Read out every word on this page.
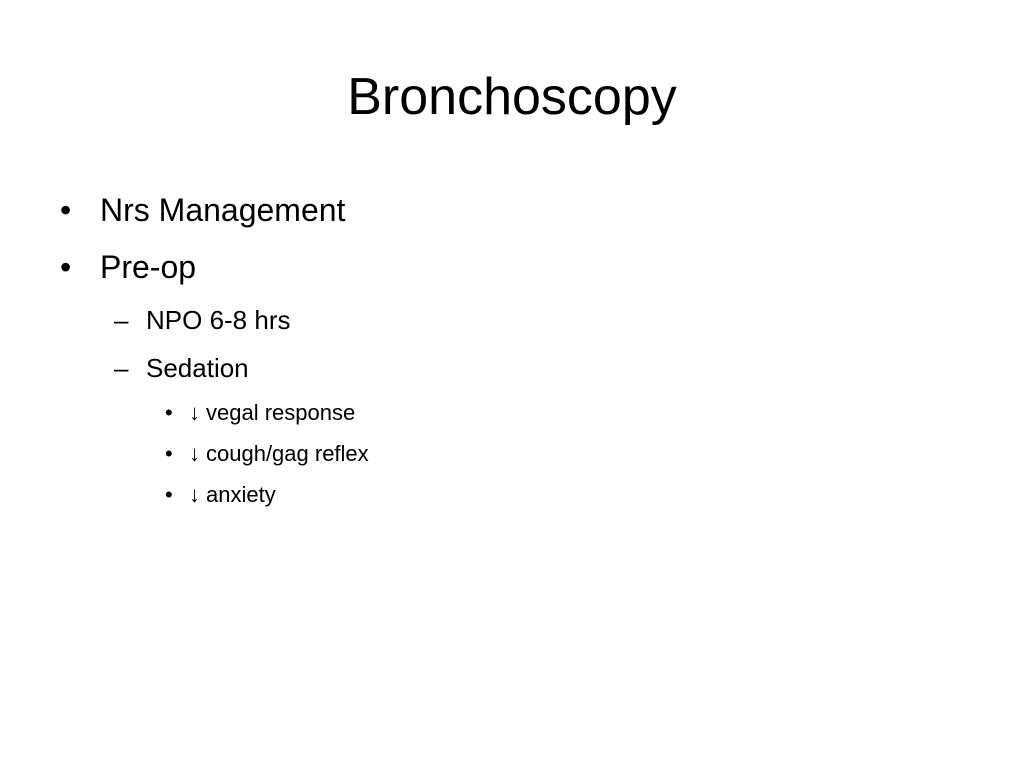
Bronchoscopy
• Nrs Management
• Pre-op
– NPO 6-8 hrs
– Sedation
• ↓ vegal response
• ↓ cough/gag reflex
• ↓ anxiety
